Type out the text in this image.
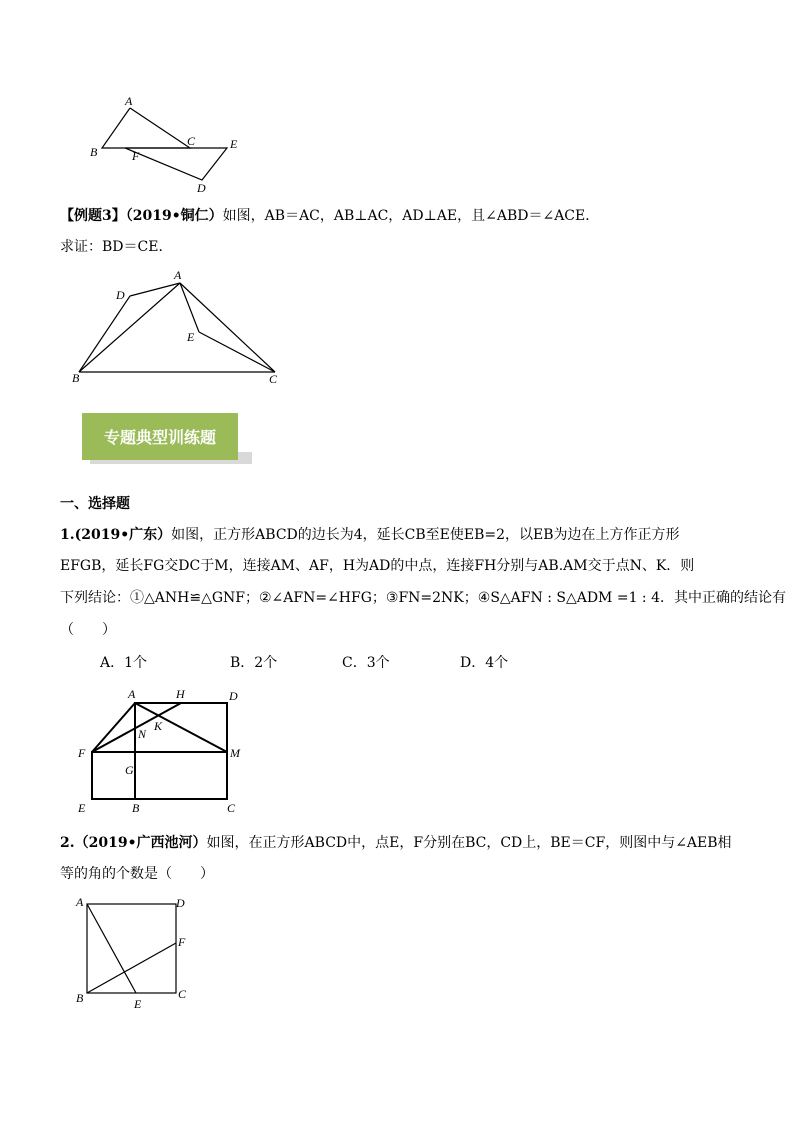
A
B
C	E
F
D
【例题3】（2019•铜仁）如图，AB＝AC，AB⊥AC，AD⊥AE，且∠ABD＝∠ACE．
求证：BD＝CE．
A
D
E
B	C
专题典型训练题
一、选择题
1.(2019•广东）如图，正方形ABCD的边长为4，延长CB至E使EB=2，以EB为边在上方作正方形
EFGB，延长FG交DC于M，连接AM、AF，H为AD的中点，连接FH分别与AB.AM交于点N、K．则
下列结论：①△ANH≌△GNF；②∠AFN=∠HFG；③FN=2NK；④S△AFN : S△ADM =1 : 4．其中正确的结论有
（　　）
A．1个	B．2个	C．3个	D．4个
A	H	D
N
K
F
G
M
E	B	C
2.（2019•广西池河）如图，在正方形ABCD中，点E，F分别在BC，CD上，BE＝CF，则图中与∠AEB相
等的角的个数是（　　）
A	D
F
B	E
C
